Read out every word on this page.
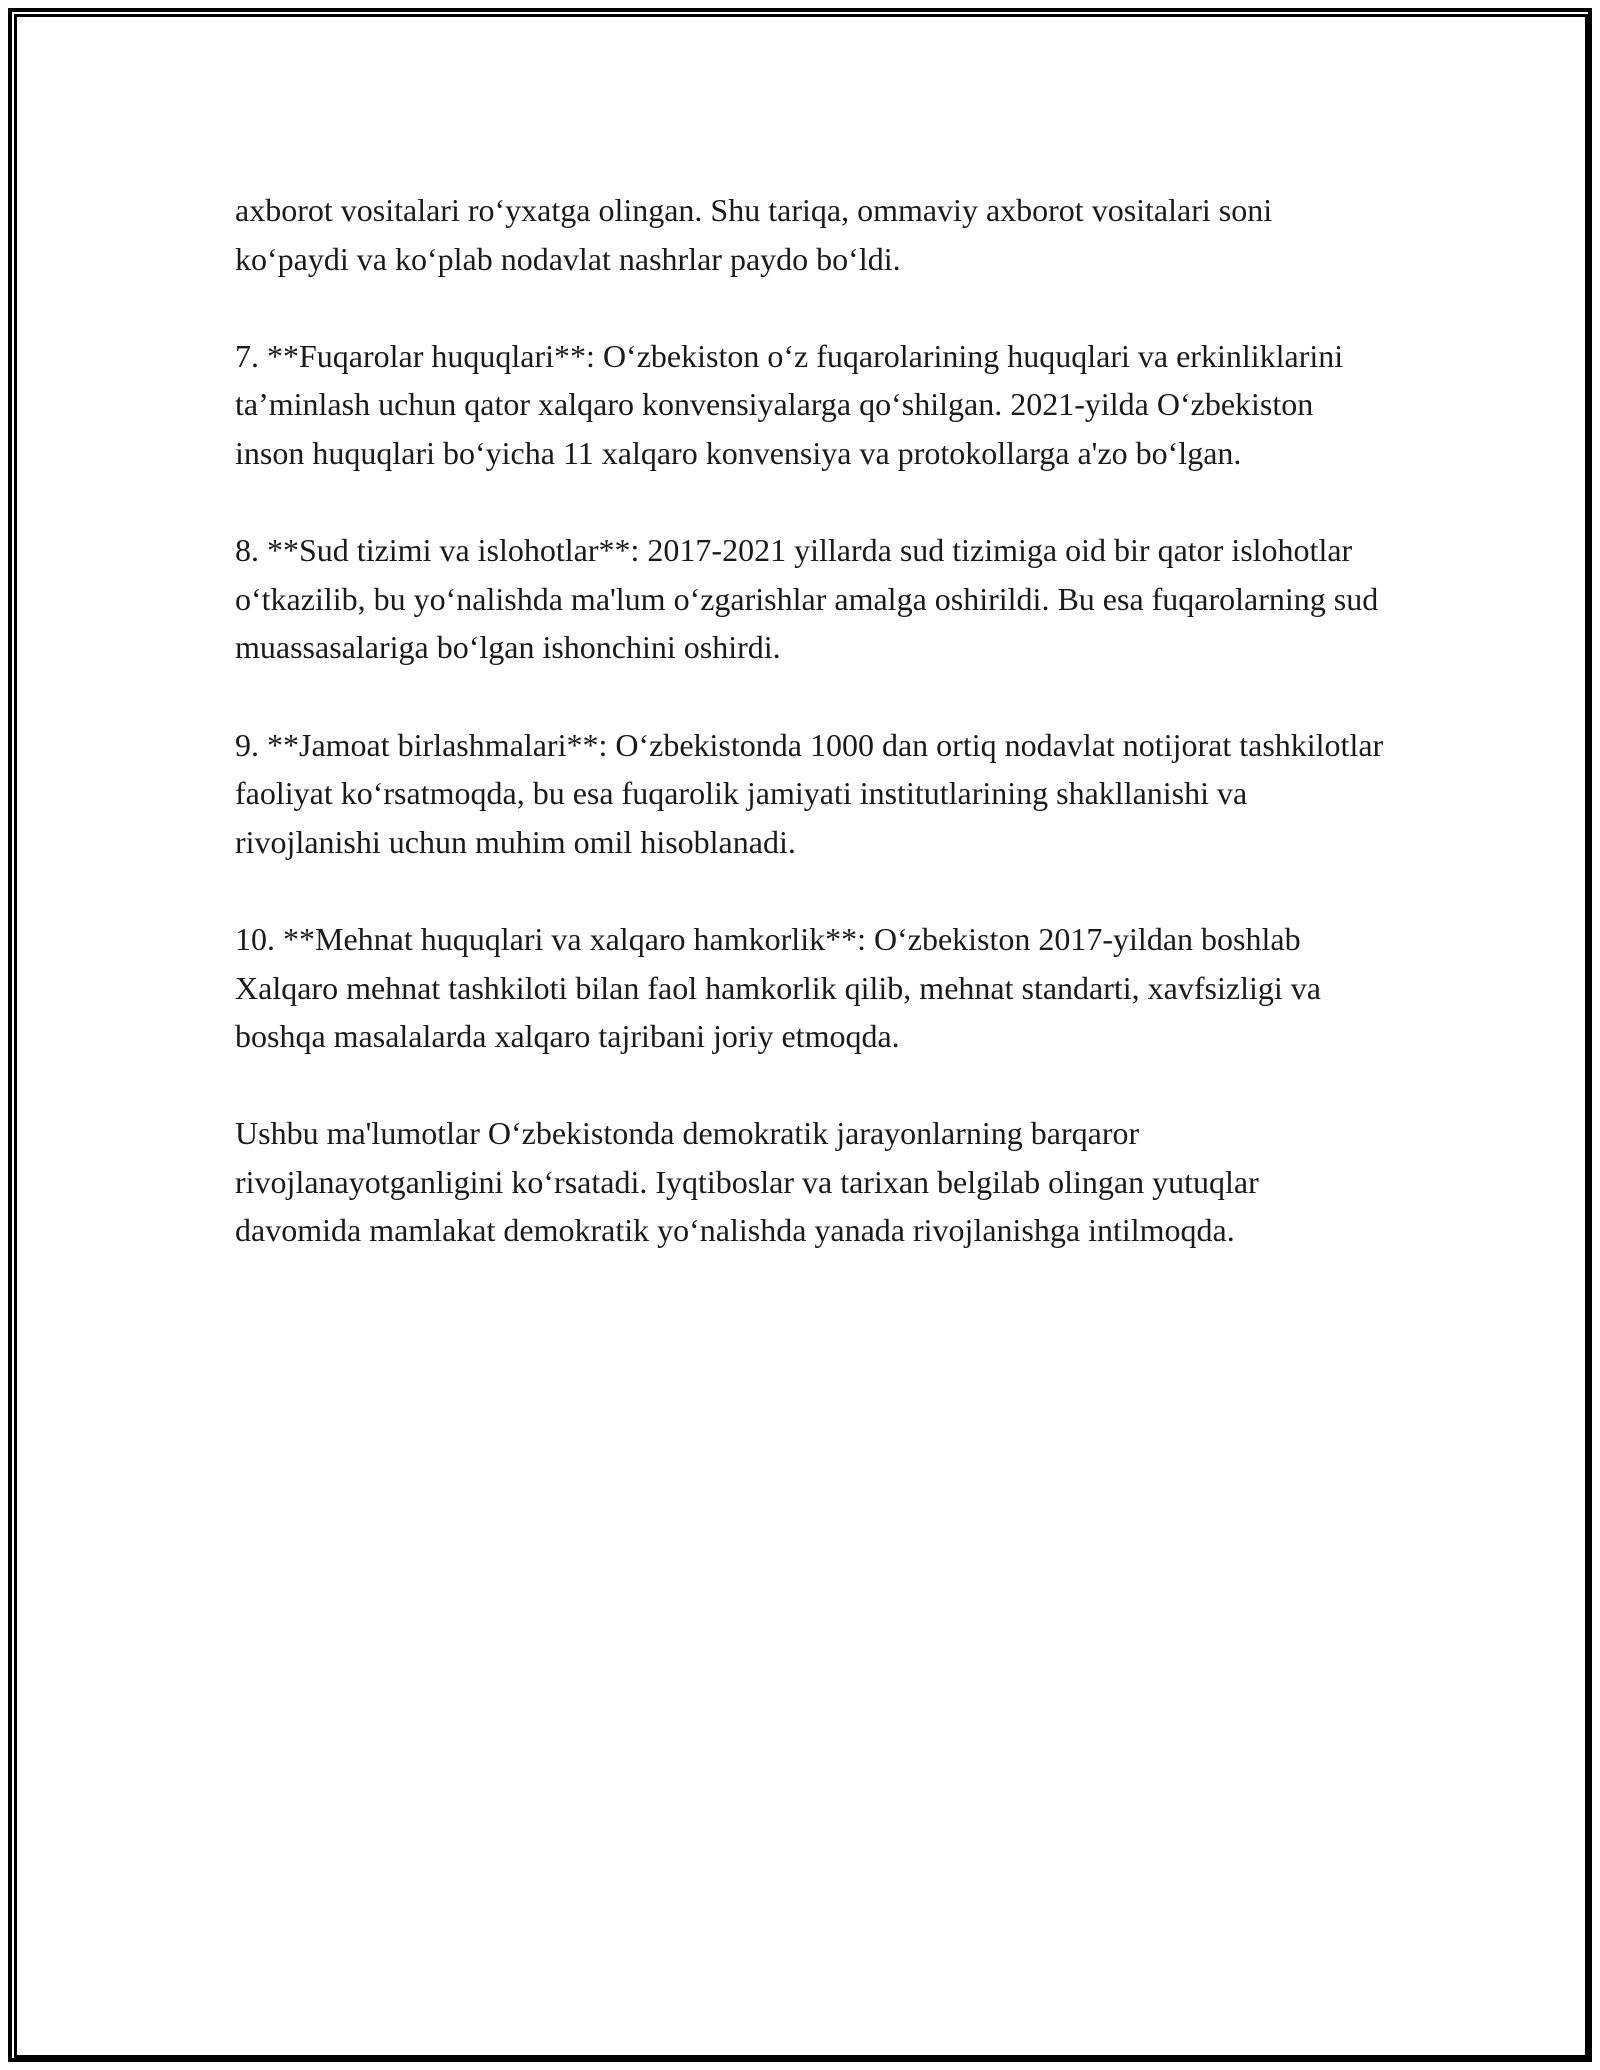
axborot vositalari roʻyxatga olingan. Shu tariqa, ommaviy axborot vositalari soni koʻpaydi va koʻplab nodavlat nashrlar paydo boʻldi.

7. **Fuqarolar huquqlari**: Oʻzbekiston oʻz fuqarolarining huquqlari va erkinliklarini taʼminlash uchun qator xalqaro konvensiyalarga qoʻshilgan. 2021-yilda Oʻzbekiston inson huquqlari boʻyicha 11 xalqaro konvensiya va protokollarga a'zo boʻlgan.

8. **Sud tizimi va islohotlar**: 2017-2021 yillarda sud tizimiga oid bir qator islohotlar oʻtkazilib, bu yoʻnalishda ma'lum oʻzgarishlar amalga oshirildi. Bu esa fuqarolarning sud muassasalariga boʻlgan ishonchini oshirdi.

9. **Jamoat birlashmalari**: Oʻzbekistonda 1000 dan ortiq nodavlat notijorat tashkilotlar faoliyat koʻrsatmoqda, bu esa fuqarolik jamiyati institutlarining shakllanishi va rivojlanishi uchun muhim omil hisoblanadi.

10. **Mehnat huquqlari va xalqaro hamkorlik**: Oʻzbekiston 2017-yildan boshlab Xalqaro mehnat tashkiloti bilan faol hamkorlik qilib, mehnat standarti, xavfsizligi va boshqa masalalarda xalqaro tajribani joriy etmoqda.

Ushbu ma'lumotlar Oʻzbekistonda demokratik jarayonlarning barqaror rivojlanayotganligini koʻrsatadi. Iyqtiboslar va tarixan belgilab olingan yutuqlar davomida mamlakat demokratik yoʻnalishda yanada rivojlanishga intilmoqda.
